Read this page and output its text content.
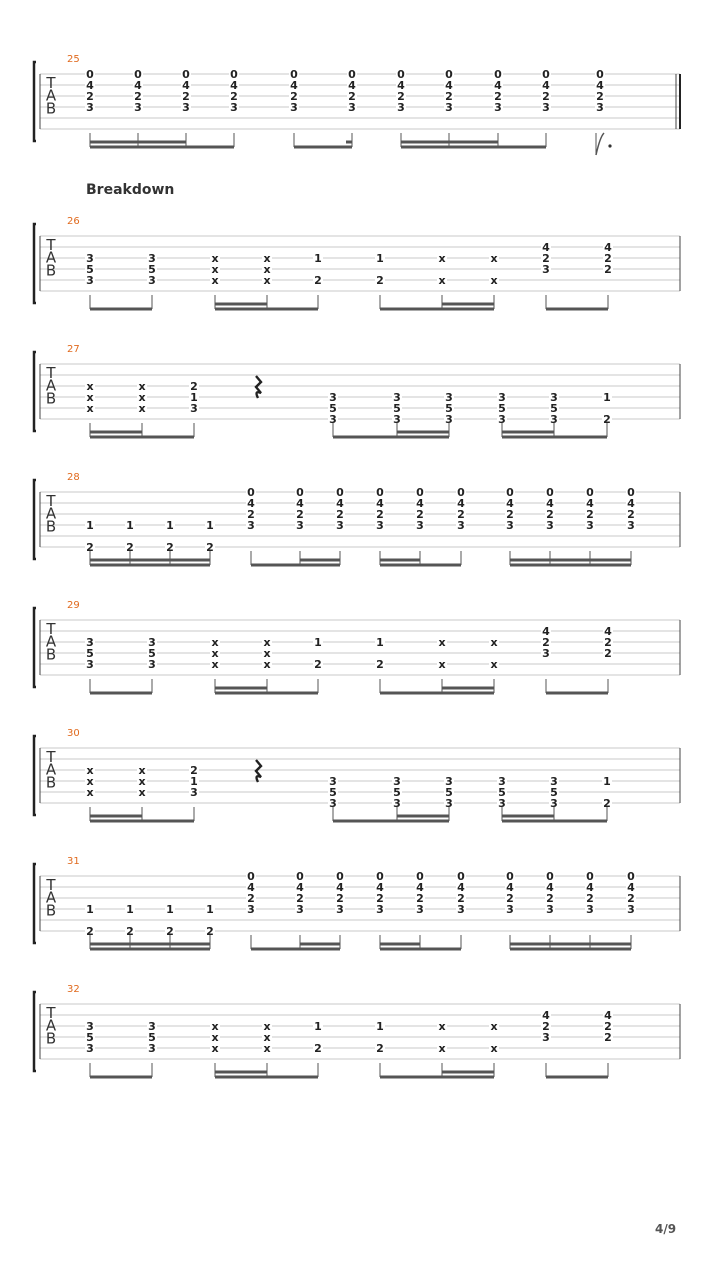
Breakdown
25
T
A
B
0
4
2
3
0
4
2
3
0
4
2
3
0
4
2
3
0
4
2
3
0
4
2
3
0
4
2
3
0
4
2
3
0
4
2
3
0
4
2
3
0
4
2
3
26
T
A
B
3
5
3
3
5
3
x
x
x
x
x
x
1
2
1
2
x
x
x
x
4
2
3
4
2
2
27
T
A
B
x
x
x
x
x
x
2
1
3
3
5
3
3
5
3
3
5
3
3
5
3
3
5
3
1
2
28
T
A
B	1
2
1
2
1
2
1
2
0
4
2
3
0
4
2
3
0
4
2
3
0
4
2
3
0
4
2
3
0
4
2
3
0
4
2
3
0
4
2
3
0
4
2
3
0
4
2
3
29
T
A
B
3
5
3
3
5
3
x
x
x
x
x
x
1
2
1
2
x
x
x
x
4
2
3
4
2
2
30
T
A
B
x
x
x
x
x
x
2
1
3
3
5
3
3
5
3
3
5
3
3
5
3
3
5
3
1
2
31
T
A
B	1
2
1
2
1
2
1
2
0
4
2
3
0
4
2
3
0
4
2
3
0
4
2
3
0
4
2
3
0
4
2
3
0
4
2
3
0
4
2
3
0
4
2
3
0
4
2
3
32
T
A
B
3
5
3
3
5
3
x
x
x
x
x
x
1
2
1
2
x
x
x
x
4
2
3
4
2
2
4/9
